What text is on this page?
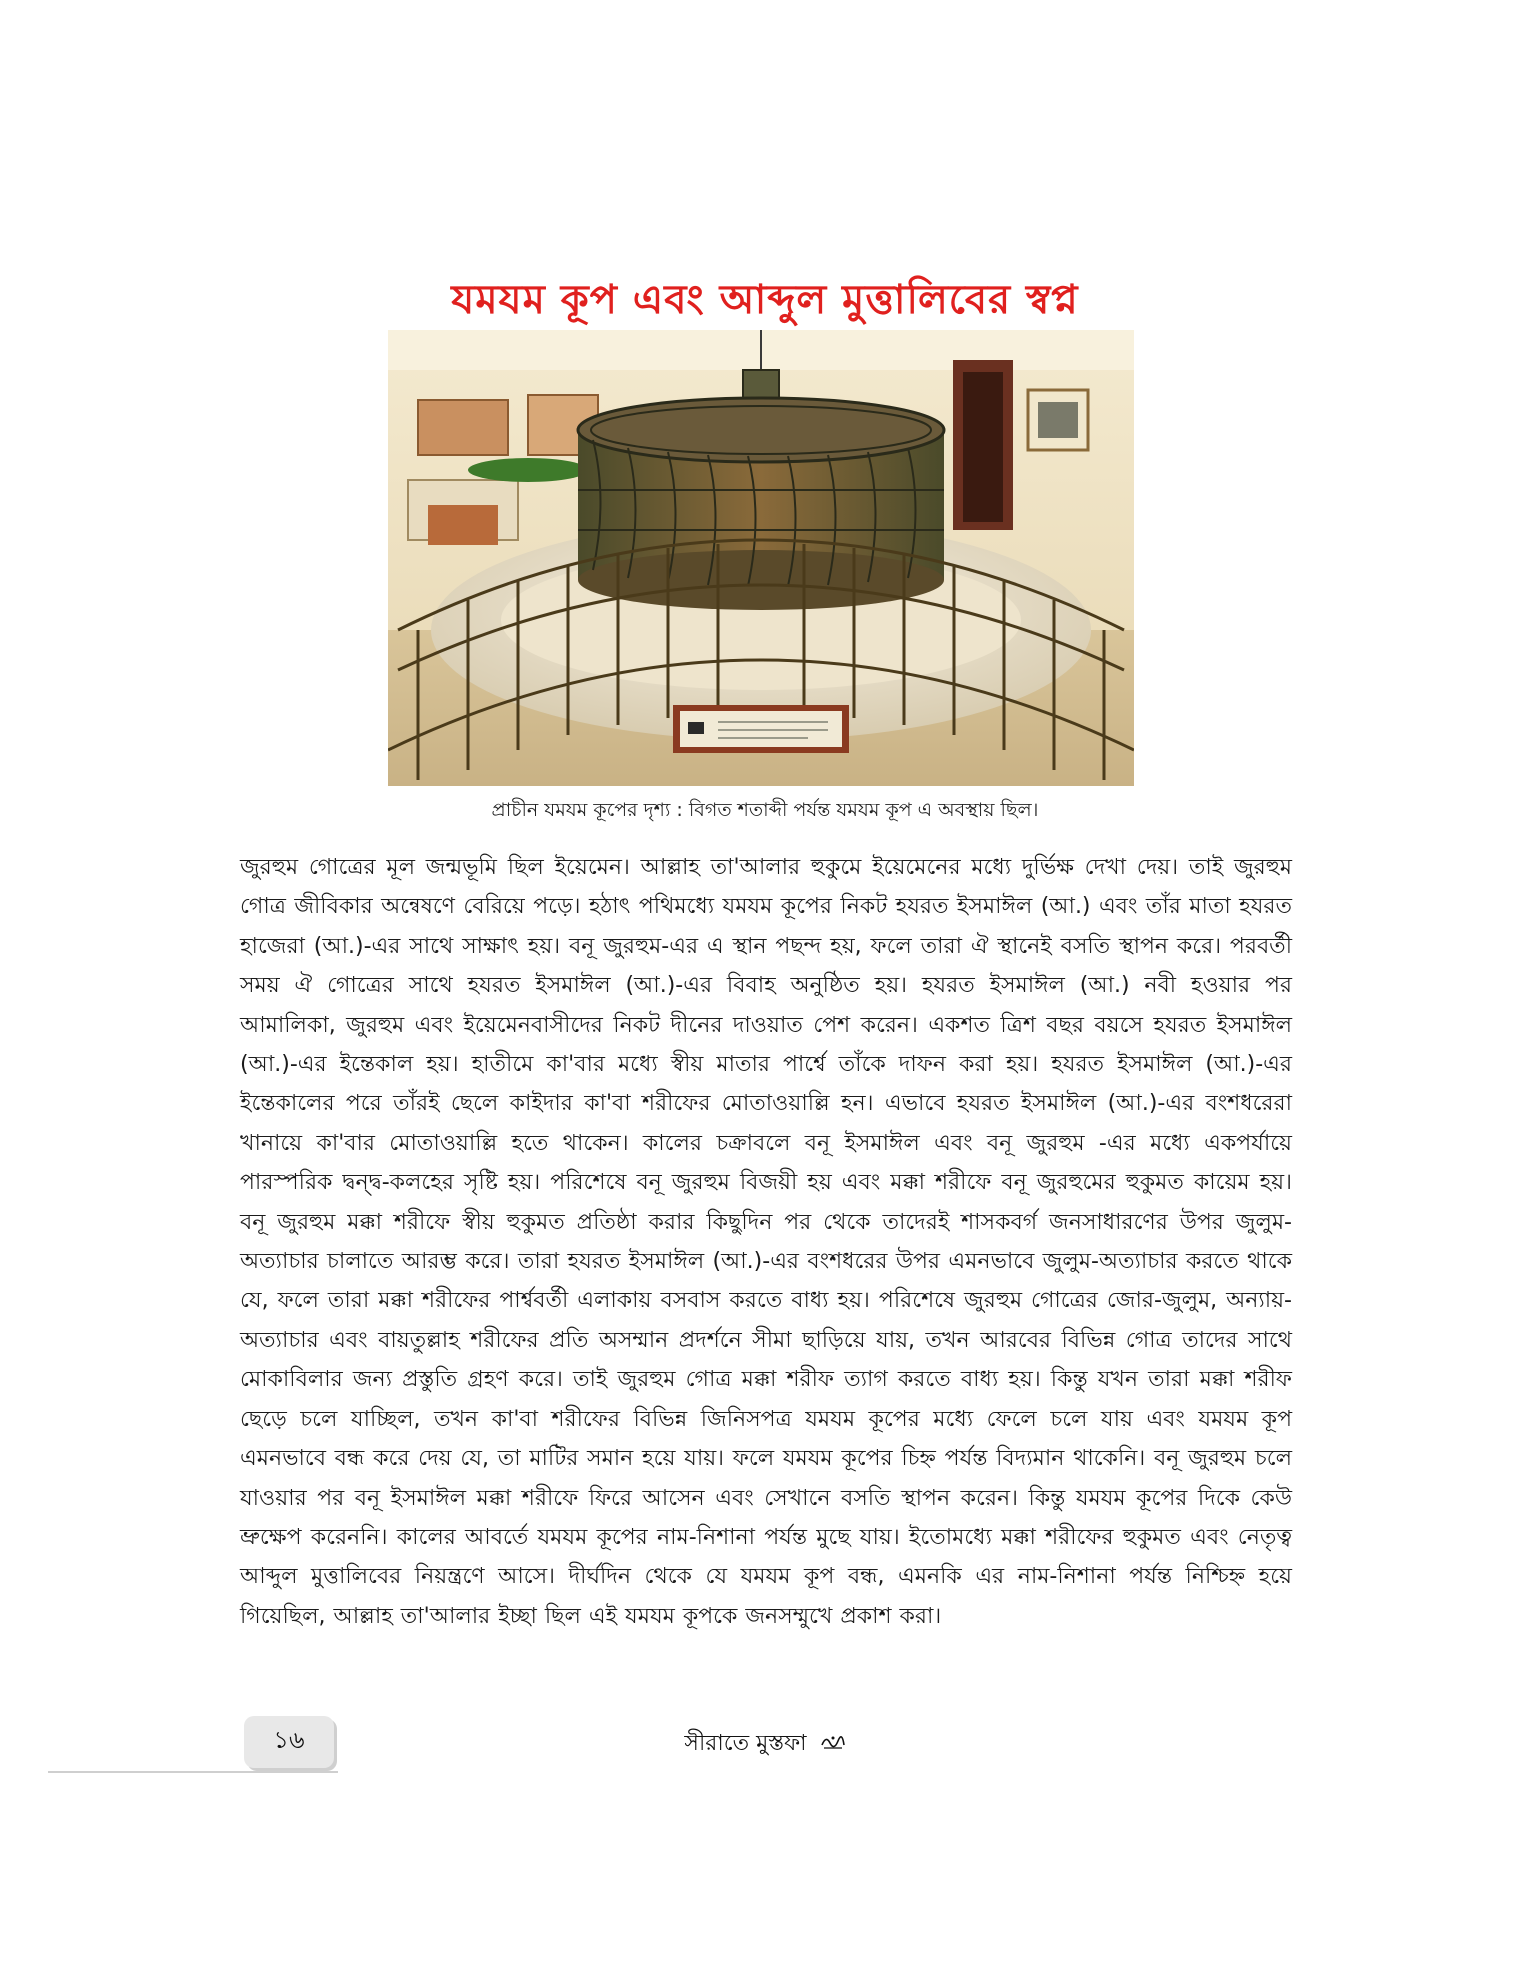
যমযম কূপ এবং আব্দুল মুত্তালিবের স্বপ্ন
প্রাচীন যমযম কূপের দৃশ্য : বিগত শতাব্দী পর্যন্ত যমযম কূপ এ অবস্থায় ছিল।
জুরহুম গোত্রের মূল জন্মভূমি ছিল ইয়েমেন। আল্লাহ তা'আলার হুকুমে ইয়েমেনের মধ্যে দুর্ভিক্ষ দেখা দেয়। তাই জুরহুম গোত্র জীবিকার অন্বেষণে বেরিয়ে পড়ে। হঠাৎ পথিমধ্যে যমযম কূপের নিকট হযরত ইসমাঈল (আ.) এবং তাঁর মাতা হযরত হাজেরা (আ.)-এর সাথে সাক্ষাৎ হয়। বনূ জুরহুম-এর এ স্থান পছন্দ হয়, ফলে তারা ঐ স্থানেই বসতি স্থাপন করে। পরবর্তী সময় ঐ গোত্রের সাথে হযরত ইসমাঈল (আ.)-এর বিবাহ অনুষ্ঠিত হয়। হযরত ইসমাঈল (আ.) নবী হওয়ার পর আমালিকা, জুরহুম এবং ইয়েমেনবাসীদের নিকট দীনের দাওয়াত পেশ করেন। একশত ত্রিশ বছর বয়সে হযরত ইসমাঈল (আ.)-এর ইন্তেকাল হয়। হাতীমে কা'বার মধ্যে স্বীয় মাতার পার্শ্বে তাঁকে দাফন করা হয়। হযরত ইসমাঈল (আ.)-এর ইন্তেকালের পরে তাঁরই ছেলে কাইদার কা'বা শরীফের মোতাওয়াল্লি হন। এভাবে হযরত ইসমাঈল (আ.)-এর বংশধরেরা খানায়ে কা'বার মোতাওয়াল্লি হতে থাকেন। কালের চক্রাবলে বনূ ইসমাঈল এবং বনূ জুরহুম -এর মধ্যে একপর্যায়ে পারস্পরিক দ্বন্দ্ব-কলহের সৃষ্টি হয়। পরিশেষে বনূ জুরহুম বিজয়ী হয় এবং মক্কা শরীফে বনূ জুরহুমের হুকুমত কায়েম হয়। বনূ জুরহুম মক্কা শরীফে স্বীয় হুকুমত প্রতিষ্ঠা করার কিছুদিন পর থেকে তাদেরই শাসকবর্গ জনসাধারণের উপর জুলুম-অত্যাচার চালাতে আরম্ভ করে। তারা হযরত ইসমাঈল (আ.)-এর বংশধরের উপর এমনভাবে জুলুম-অত্যাচার করতে থাকে যে, ফলে তারা মক্কা শরীফের পার্শ্ববর্তী এলাকায় বসবাস করতে বাধ্য হয়। পরিশেষে জুরহুম গোত্রের জোর-জুলুম, অন্যায়-অত্যাচার এবং বায়তুল্লাহ শরীফের প্রতি অসম্মান প্রদর্শনে সীমা ছাড়িয়ে যায়, তখন আরবের বিভিন্ন গোত্র তাদের সাথে মোকাবিলার জন্য প্রস্তুতি গ্রহণ করে। তাই জুরহুম গোত্র মক্কা শরীফ ত্যাগ করতে বাধ্য হয়। কিন্তু যখন তারা মক্কা শরীফ ছেড়ে চলে যাচ্ছিল, তখন কা'বা শরীফের বিভিন্ন জিনিসপত্র যমযম কূপের মধ্যে ফেলে চলে যায় এবং যমযম কূপ এমনভাবে বন্ধ করে দেয় যে, তা মাটির সমান হয়ে যায়। ফলে যমযম কূপের চিহ্ন পর্যন্ত বিদ্যমান থাকেনি। বনূ জুরহুম চলে যাওয়ার পর বনূ ইসমাঈল মক্কা শরীফে ফিরে আসেন এবং সেখানে বসতি স্থাপন করেন। কিন্তু যমযম কূপের দিকে কেউ ভ্রুক্ষেপ করেননি। কালের আবর্তে যমযম কূপের নাম-নিশানা পর্যন্ত মুছে যায়। ইতোমধ্যে মক্কা শরীফের হুকুমত এবং নেতৃত্ব আব্দুল মুত্তালিবের নিয়ন্ত্রণে আসে। দীর্ঘদিন থেকে যে যমযম কূপ বন্ধ, এমনকি এর নাম-নিশানা পর্যন্ত নিশ্চিহ্ন হয়ে গিয়েছিল, আল্লাহ তা'আলার ইচ্ছা ছিল এই যমযম কূপকে জনসম্মুখে প্রকাশ করা।
১৬	সীরাতে মুস্তফা
